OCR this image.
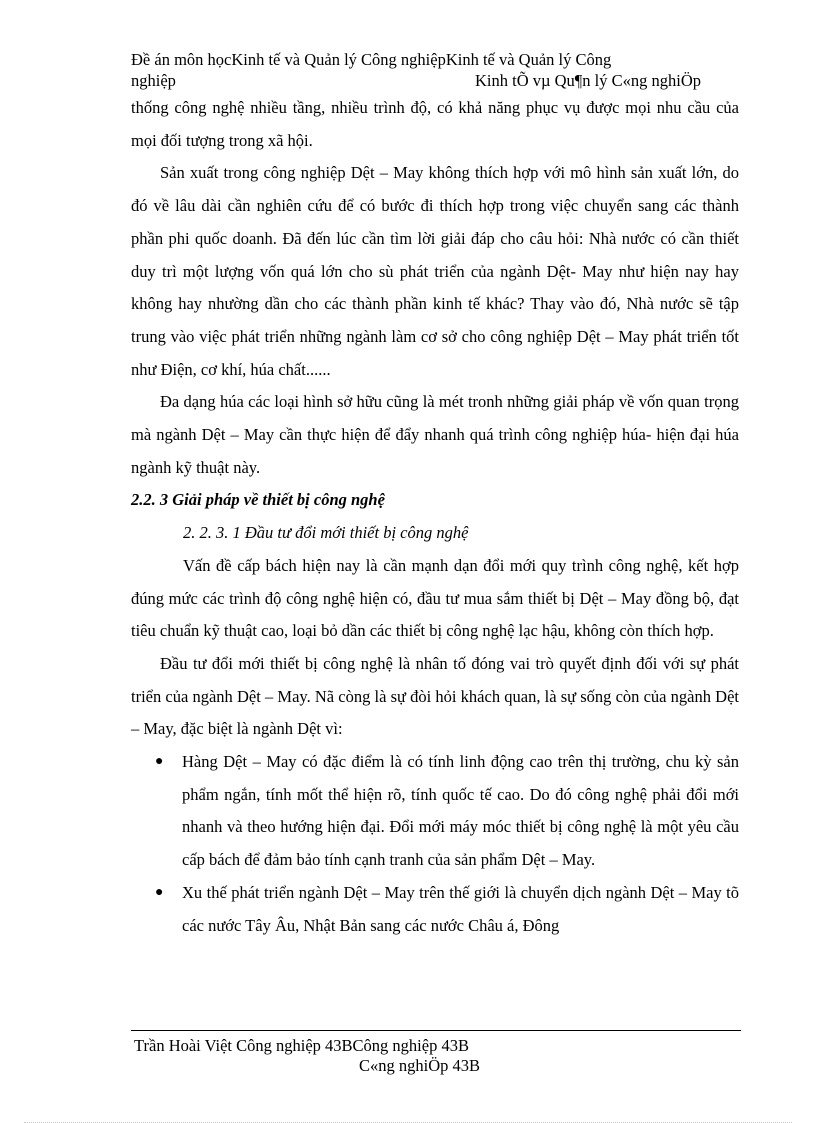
Đề án môn họcKinh tế và Quản lý Công nghiệpKinh tế và Quản lý Công
nghiệp	Kinh tÕ vµ Qu¶n lý C«ng nghiÖp

thống công nghệ nhiều tầng, nhiều trình độ, có khả năng phục vụ được mọi nhu cầu của mọi đối tượng trong xã hội.

Sản xuất trong công nghiệp Dệt – May không thích hợp với mô hình sản xuất lớn, do đó về lâu dài cần nghiên cứu để có bước đi thích hợp trong việc chuyển sang các thành phần phi quốc doanh. Đã đến lúc cần tìm lời giải đáp cho câu hỏi: Nhà nước có cần thiết duy trì một lượng vốn quá lớn cho sù phát triển của ngành Dệt- May như hiện nay hay không hay nhường dần cho các thành phần kinh tế khác? Thay vào đó, Nhà nước sẽ tập trung vào việc phát triển những ngành làm cơ sở cho công nghiệp Dệt – May phát triển tốt như Điện, cơ khí, húa chất......

Đa dạng húa các loại hình sở hữu cũng là mét tronh những giải pháp về vốn quan trọng mà ngành Dệt – May cần thực hiện để đẩy nhanh quá trình công nghiệp húa- hiện đại húa ngành kỹ thuật này.

2.2. 3 Giải pháp về thiết bị công nghệ

2. 2. 3. 1 Đầu tư đổi mới thiết bị công nghệ

Vấn đề cấp bách hiện nay là cần mạnh dạn đổi mới quy trình công nghệ, kết hợp đúng mức các trình độ công nghệ hiện có, đầu tư mua sắm thiết bị Dệt – May đồng bộ, đạt tiêu chuẩn kỹ thuật cao, loại bỏ dần các thiết bị công nghệ lạc hậu, không còn thích hợp.

Đầu tư đổi mới thiết bị công nghệ là nhân tố đóng vai trò quyết định đối với sự phát triển của ngành Dệt – May. Nã còng là sự đòi hỏi khách quan, là sự sống còn của ngành Dệt – May, đặc biệt là ngành Dệt vì:

● Hàng Dệt – May có đặc điểm là có tính linh động cao trên thị trường, chu kỳ sản phẩm ngắn, tính mốt thể hiện rõ, tính quốc tế cao. Do đó công nghệ phải đổi mới nhanh và theo hướng hiện đại. Đổi mới máy móc thiết bị công nghệ là một yêu cầu cấp bách để đảm bảo tính cạnh tranh của sản phẩm Dệt – May.
● Xu thế phát triển ngành Dệt – May trên thế giới là chuyển dịch ngành Dệt – May tõ các nước Tây Âu, Nhật Bản sang các nước Châu á, Đông
Trần Hoài Việt Công nghiệp 43BCông nghiệp 43B
C«ng nghiÖp 43B
